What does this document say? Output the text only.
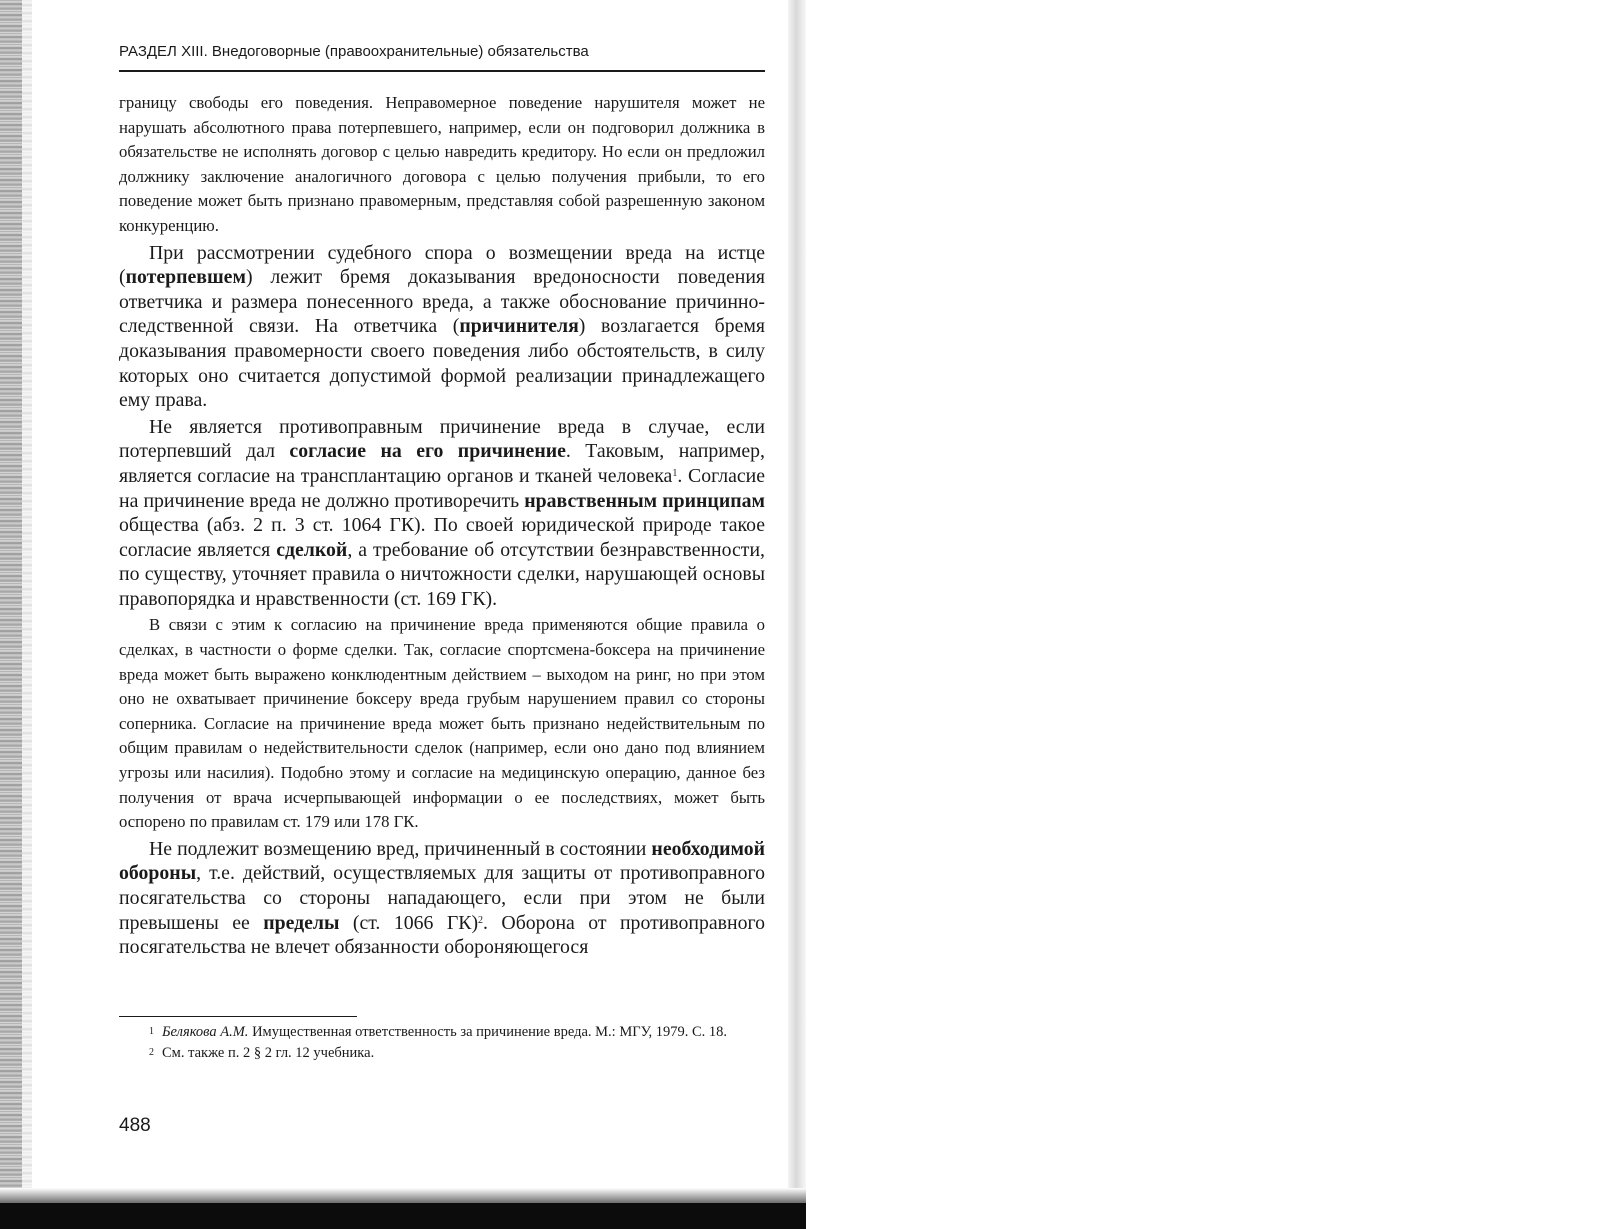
РАЗДЕЛ XIII. Внедоговорные (правоохранительные) обязательства

границу свободы его поведения. Неправомерное поведение нарушителя может не нарушать абсолютного права потерпевшего, например, если он подговорил должника в обязательстве не исполнять договор с целью навредить кредитору. Но если он предложил должнику заключение аналогичного договора с целью получения прибыли, то его поведение может быть признано правомерным, представляя собой разрешенную законом конкуренцию.

При рассмотрении судебного спора о возмещении вреда на истце (потерпевшем) лежит бремя доказывания вредоносности поведения ответчика и размера понесенного вреда, а также обоснование причинно-следственной связи. На ответчика (причинителя) возлагается бремя доказывания правомерности своего поведения либо обстоятельств, в силу которых оно считается допустимой формой реализации принадлежащего ему права.

Не является противоправным причинение вреда в случае, если потерпевший дал согласие на его причинение. Таковым, например, является согласие на трансплантацию органов и тканей человека$^1$. Согласие на причинение вреда не должно противоречить нравственным принципам общества (абз. 2 п. 3 ст. 1064 ГК). По своей юридической природе такое согласие является сделкой, а требование об отсутствии безнравственности, по существу, уточняет правила о ничтожности сделки, нарушающей основы правопорядка и нравственности (ст. 169 ГК).

В связи с этим к согласию на причинение вреда применяются общие правила о сделках, в частности о форме сделки. Так, согласие спортсмена-боксера на причинение вреда может быть выражено конклюдентным действием – выходом на ринг, но при этом оно не охватывает причинение боксеру вреда грубым нарушением правил со стороны соперника. Согласие на причинение вреда может быть признано недействительным по общим правилам о недействительности сделок (например, если оно дано под влиянием угрозы или насилия). Подобно этому и согласие на медицинскую операцию, данное без получения от врача исчерпывающей информации о ее последствиях, может быть оспорено по правилам ст. 179 или 178 ГК.

Не подлежит возмещению вред, причиненный в состоянии необходимой обороны, т.е. действий, осуществляемых для защиты от противоправного посягательства со стороны нападающего, если при этом не были превышены ее пределы (ст. 1066 ГК)$^2$. Оборона от противоправного посягательства не влечет обязанности обороняющегося

$^1$ Белякова А.М. Имущественная ответственность за причинение вреда. М.: МГУ, 1979. С. 18.

$^2$ См. также п. 2 § 2 гл. 12 учебника.

488
